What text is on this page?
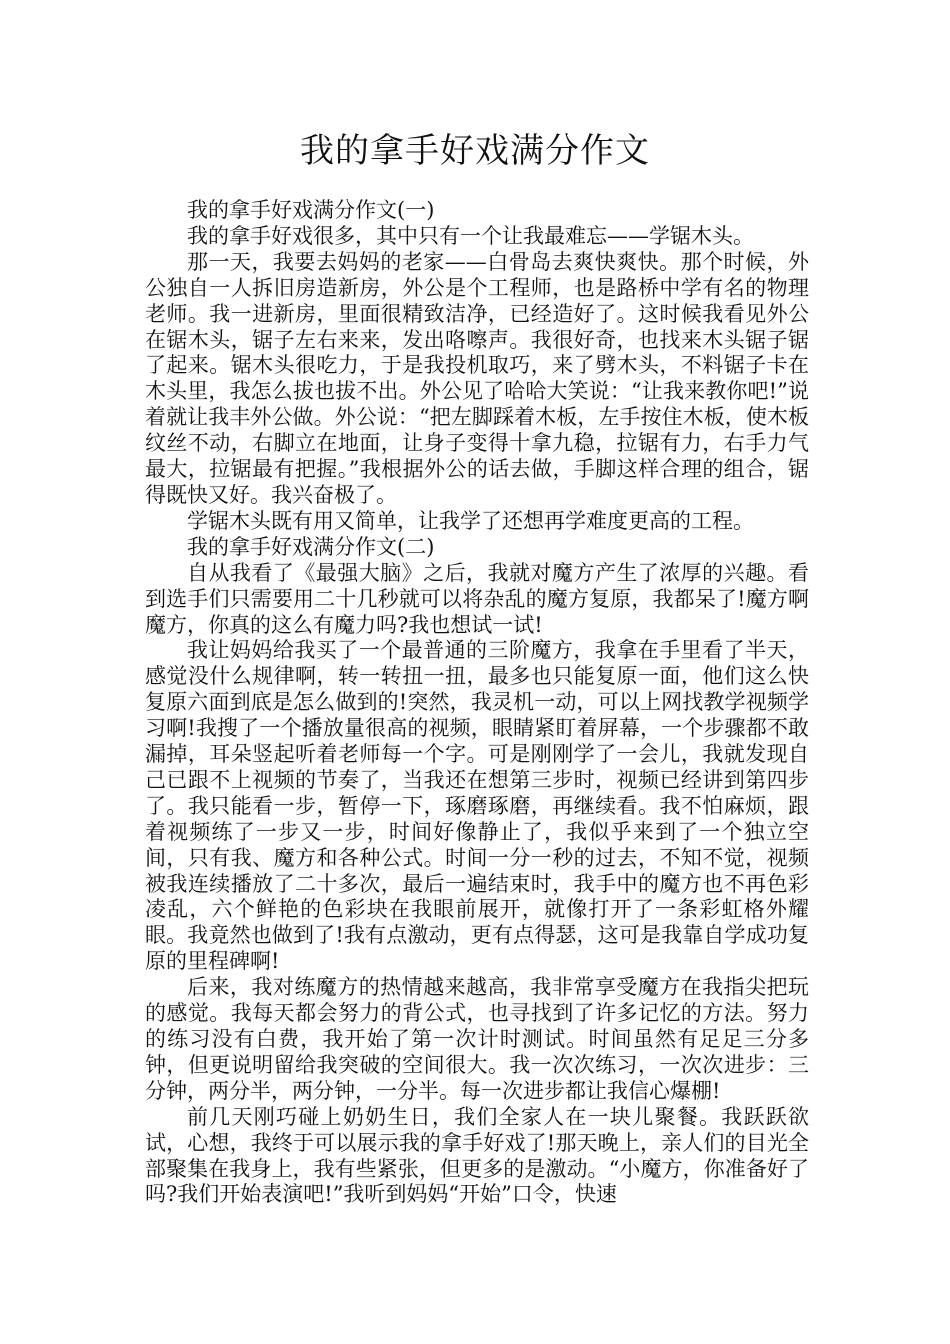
我的拿手好戏满分作文

我的拿手好戏满分作文(一)

我的拿手好戏很多，其中只有一个让我最难忘——学锯木头。

那一天，我要去妈妈的老家——白骨岛去爽快爽快。那个时候，外公独自一人拆旧房造新房，外公是个工程师，也是路桥中学有名的物理老师。我一进新房，里面很精致洁净，已经造好了。这时候我看见外公在锯木头，锯子左右来来，发出咯嚓声。我很好奇，也找来木头锯子锯了起来。锯木头很吃力，于是我投机取巧，来了劈木头，不料锯子卡在木头里，我怎么拔也拔不出。外公见了哈哈大笑说：“让我来教你吧!”说着就让我丰外公做。外公说：“把左脚踩着木板，左手按住木板，使木板纹丝不动，右脚立在地面，让身子变得十拿九稳，拉锯有力，右手力气最大，拉锯最有把握。”我根据外公的话去做，手脚这样合理的组合，锯得既快又好。我兴奋极了。

学锯木头既有用又简单，让我学了还想再学难度更高的工程。

我的拿手好戏满分作文(二)

自从我看了《最强大脑》之后，我就对魔方产生了浓厚的兴趣。看到选手们只需要用二十几秒就可以将杂乱的魔方复原，我都呆了!魔方啊魔方，你真的这么有魔力吗?我也想试一试!

我让妈妈给我买了一个最普通的三阶魔方，我拿在手里看了半天，感觉没什么规律啊，转一转扭一扭，最多也只能复原一面，他们这么快复原六面到底是怎么做到的!突然，我灵机一动，可以上网找教学视频学习啊!我搜了一个播放量很高的视频，眼睛紧盯着屏幕，一个步骤都不敢漏掉，耳朵竖起听着老师每一个字。可是刚刚学了一会儿，我就发现自己已跟不上视频的节奏了，当我还在想第三步时，视频已经讲到第四步了。我只能看一步，暂停一下，琢磨琢磨，再继续看。我不怕麻烦，跟着视频练了一步又一步，时间好像静止了，我似乎来到了一个独立空间，只有我、魔方和各种公式。时间一分一秒的过去，不知不觉，视频被我连续播放了二十多次，最后一遍结束时，我手中的魔方也不再色彩凌乱，六个鲜艳的色彩块在我眼前展开，就像打开了一条彩虹格外耀眼。我竟然也做到了!我有点激动，更有点得瑟，这可是我靠自学成功复原的里程碑啊!

后来，我对练魔方的热情越来越高，我非常享受魔方在我指尖把玩的感觉。我每天都会努力的背公式，也寻找到了许多记忆的方法。努力的练习没有白费，我开始了第一次计时测试。时间虽然有足足三分多钟，但更说明留给我突破的空间很大。我一次次练习，一次次进步：三分钟，两分半，两分钟，一分半。每一次进步都让我信心爆棚!

前几天刚巧碰上奶奶生日，我们全家人在一块儿聚餐。我跃跃欲试，心想，我终于可以展示我的拿手好戏了!那天晚上，亲人们的目光全部聚集在我身上，我有些紧张，但更多的是激动。“小魔方，你准备好了吗?我们开始表演吧!”我听到妈妈“开始”口令，快速
